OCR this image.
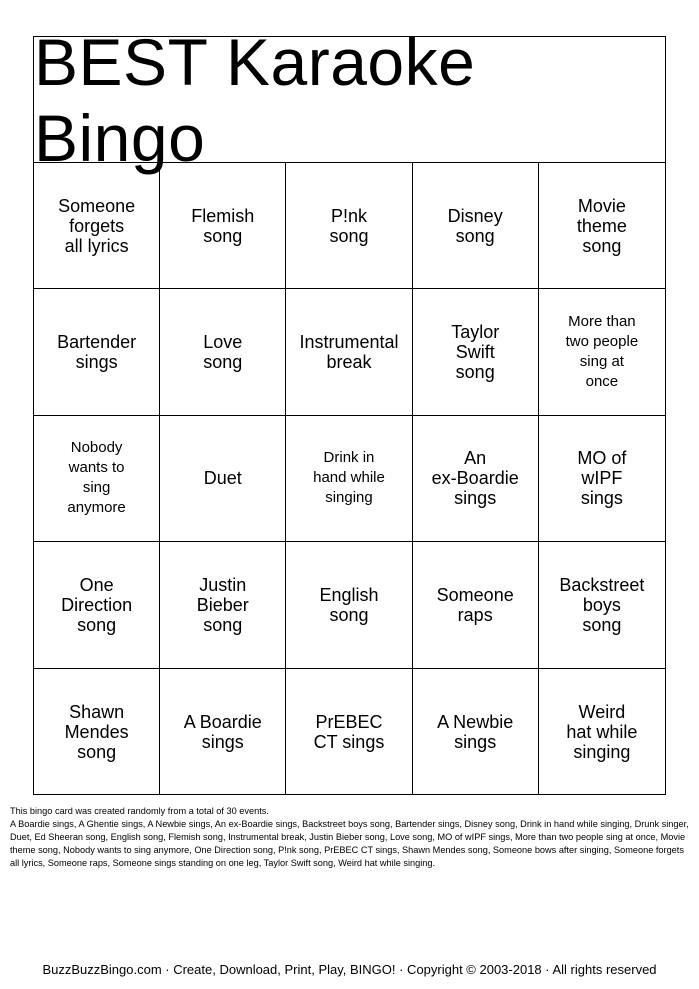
BEST Karaoke Bingo
Someone
forgets
all lyrics
Flemish
song
P!nk
song
Disney
song
Movie
theme
song
Bartender
sings
Love
song
Instrumental
break
Taylor
Swift
song
More than
two people
sing at
once
Nobody
wants to
sing
anymore
Duet
Drink in
hand while
singing
An
ex-Boardie
sings
MO of
wIPF
sings
One
Direction
song
Justin
Bieber
song
English
song
Someone
raps
Backstreet
boys
song
Shawn
Mendes
song
A Boardie
sings
PrEBEC
CT sings
A Newbie
sings
Weird
hat while
singing
This bingo card was created randomly from a total of 30 events.
A Boardie sings, A Ghentie sings, A Newbie sings, An ex-Boardie sings, Backstreet boys song, Bartender sings, Disney song, Drink in hand while singing, Drunk singer, Duet, Ed Sheeran song, English song, Flemish song, Instrumental break, Justin Bieber song, Love song, MO of wIPF sings, More than two people sing at once, Movie theme song, Nobody wants to sing anymore, One Direction song, P!nk song, PrEBEC CT sings, Shawn Mendes song, Someone bows after singing, Someone forgets all lyrics, Someone raps, Someone sings standing on one leg, Taylor Swift song, Weird hat while singing.
BuzzBuzzBingo.com · Create, Download, Print, Play, BINGO! · Copyright © 2003-2018 · All rights reserved
